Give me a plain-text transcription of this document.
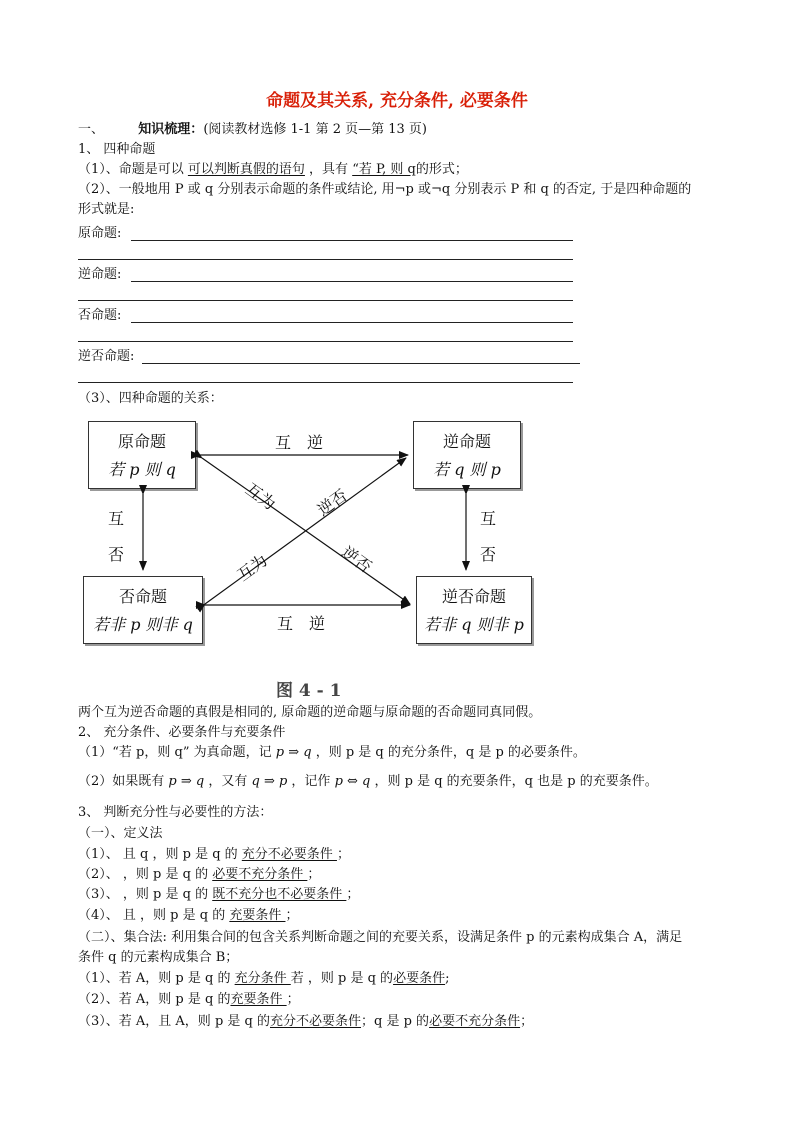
命题及其关系, 充分条件, 必要条件
一、	知识梳理：(阅读教材选修 1-1 第 2 页—第 13 页)
1、 四种命题
（1）、命题是可以 可以判断真假的语句 ，具有 “若 P, 则 q的形式；
（2）、一般地用 P 或 q 分别表示命题的条件或结论, 用¬p 或¬q 分别表示 P 和 q 的否定, 于是四种命题的
形式就是:
原命题:
逆命题:
否命题:
逆否命题:
（3）、四种命题的关系：
原命题
若 p 则 q
逆命题
若 q 则 p
否命题
若非 p 则非 q
逆否命题
若非 q 则非 p
互　逆
互　逆
互
否
互
否
互为 逆否
互为	逆否
图 4 - 1
两个互为逆否命题的真假是相同的, 原命题的逆命题与原命题的否命题同真同假。
2、 充分条件、必要条件与充要条件
（1）“若 p，则 q” 为真命题，记 p ⇒ q ，则 p 是 q 的充分条件，q 是 p 的必要条件。
（2）如果既有 p ⇒ q ，又有 q ⇒ p ，记作 p ⇔ q ，则 p 是 q 的充要条件，q 也是 p 的充要条件。
3、 判断充分性与必要性的方法：
（一）、定义法
（1）、 且 q ，则 p 是 q 的 充分不必要条件 ；
（2）、 ，则 p 是 q 的 必要不充分条件 ；
（3）、 ，则 p 是 q 的 既不充分也不必要条件 ；
（4）、 且 ，则 p 是 q 的 充要条件 ；
（二）、集合法: 利用集合间的包含关系判断命题之间的充要关系，设满足条件 p 的元素构成集合 A，满足
条件 q 的元素构成集合 B；
（1）、若 A，则 p 是 q 的 充分条件 若 ，则 p 是 q 的必要条件;
（2）、若 A，则 p 是 q 的充要条件 ；
（3）、若 A，且 A，则 p 是 q 的充分不必要条件；q 是 p 的必要不充分条件；
